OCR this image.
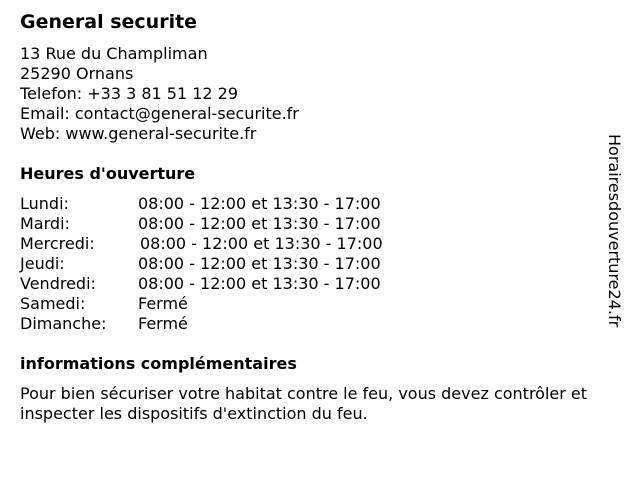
General securite
13 Rue du Champliman
25290 Ornans
Telefon: +33 3 81 51 12 29
Email: contact@general-securite.fr
Web: www.general-securite.fr
Heures d'ouverture
Lundi:	08:00 - 12:00 et 13:30 - 17:00
Mardi:	08:00 - 12:00 et 13:30 - 17:00
Mercredi:	08:00 - 12:00 et 13:30 - 17:00
Jeudi:	08:00 - 12:00 et 13:30 - 17:00
Vendredi:	08:00 - 12:00 et 13:30 - 17:00
Samedi:	Fermé
Dimanche: Fermé
informations complémentaires
Pour bien sécuriser votre habitat contre le feu, vous devez contrôler et inspecter les dispositifs d'extinction du feu.
Horairesdouverture24.fr
